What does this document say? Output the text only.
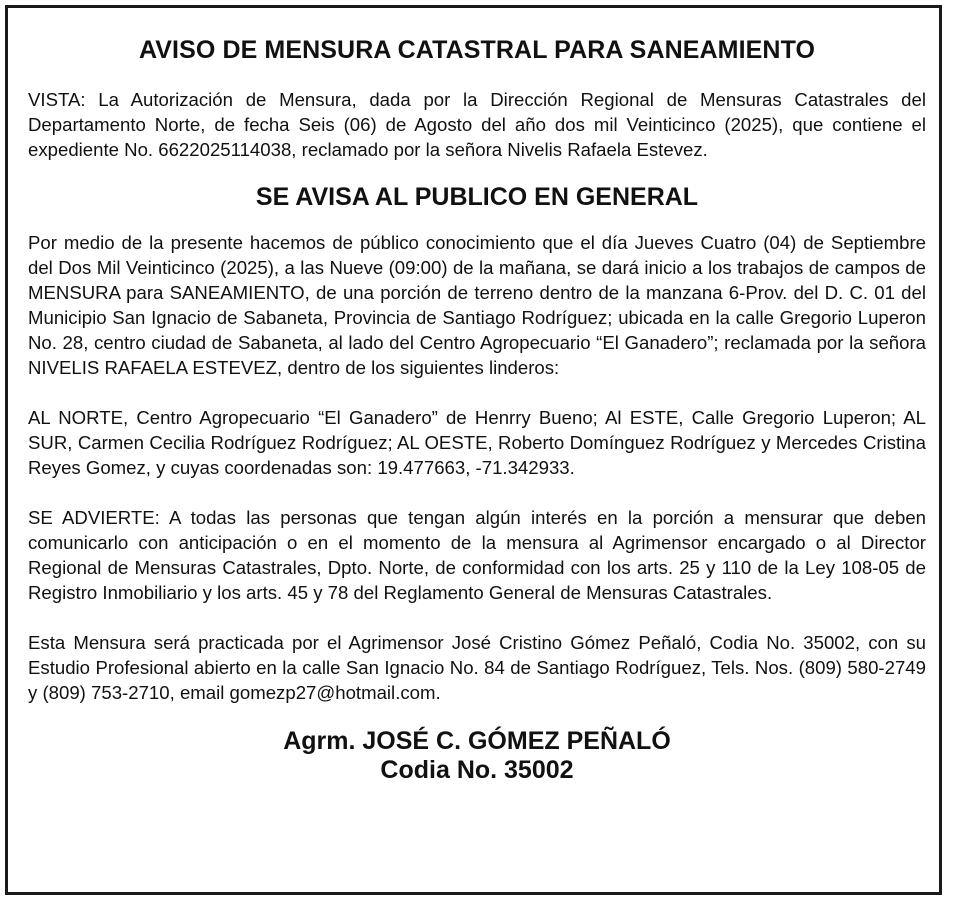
AVISO DE MENSURA CATASTRAL PARA SANEAMIENTO

VISTA: La Autorización de Mensura, dada por la Dirección Regional de Mensuras Catastrales del Departamento Norte, de fecha Seis (06) de Agosto del año dos mil Veinticinco (2025), que contiene el expediente No. 6622025114038, reclamado por la señora Nivelis Rafaela Estevez.

SE AVISA AL PUBLICO EN GENERAL

Por medio de la presente hacemos de público conocimiento que el día Jueves Cuatro (04) de Septiembre del Dos Mil Veinticinco (2025), a las Nueve (09:00) de la mañana, se dará inicio a los trabajos de campos de MENSURA para SANEAMIENTO, de una porción de terreno dentro de la manzana 6-Prov. del D. C. 01 del Municipio San Ignacio de Sabaneta, Provincia de Santiago Rodríguez; ubicada en la calle Gregorio Luperon No. 28, centro ciudad de Sabaneta, al lado del Centro Agropecuario “El Ganadero”; reclamada por la señora NIVELIS RAFAELA ESTEVEZ, dentro de los siguientes linderos:

AL NORTE, Centro Agropecuario “El Ganadero” de Henrry Bueno; Al ESTE, Calle Gregorio Luperon; AL SUR, Carmen Cecilia Rodríguez Rodríguez; AL OESTE, Roberto Domínguez Rodríguez y Mercedes Cristina Reyes Gomez, y cuyas coordenadas son: 19.477663, -71.342933.

SE ADVIERTE: A todas las personas que tengan algún interés en la porción a mensurar que deben comunicarlo con anticipación o en el momento de la mensura al Agrimensor encargado o al Director Regional de Mensuras Catastrales, Dpto. Norte, de conformidad con los arts. 25 y 110 de la Ley 108-05 de Registro Inmobiliario y los arts. 45 y 78 del Reglamento General de Mensuras Catastrales.

Esta Mensura será practicada por el Agrimensor José Cristino Gómez Peñaló, Codia No. 35002, con su Estudio Profesional abierto en la calle San Ignacio No. 84 de Santiago Rodríguez, Tels. Nos. (809) 580-2749 y (809) 753-2710, email gomezp27@hotmail.com.

Agrm. JOSÉ C. GÓMEZ PEÑALÓ
Codia No. 35002
